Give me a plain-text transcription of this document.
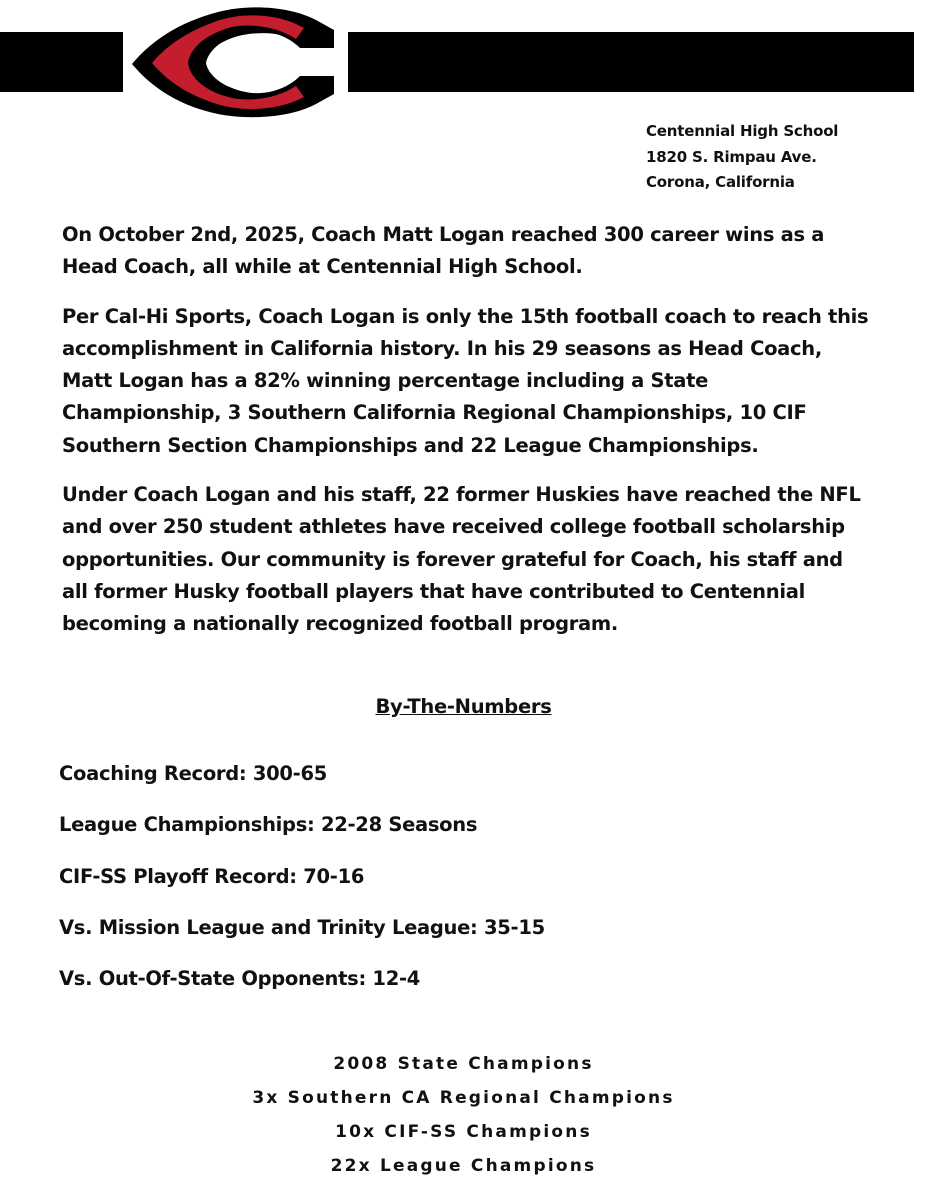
Centennial High School
1820 S. Rimpau Ave.
Corona, California

On October 2nd, 2025, Coach Matt Logan reached 300 career wins as a Head Coach, all while at Centennial High School.

Per Cal-Hi Sports, Coach Logan is only the 15th football coach to reach this accomplishment in California history. In his 29 seasons as Head Coach, Matt Logan has a 82% winning percentage including a State Championship, 3 Southern California Regional Championships, 10 CIF Southern Section Championships and 22 League Championships.

Under Coach Logan and his staff, 22 former Huskies have reached the NFL and over 250 student athletes have received college football scholarship opportunities. Our community is forever grateful for Coach, his staff and all former Husky football players that have contributed to Centennial becoming a nationally recognized football program.

By-The-Numbers
Coaching Record: 300-65
League Championships: 22-28 Seasons
CIF-SS Playoff Record: 70-16
Vs. Mission League and Trinity League: 35-15
Vs. Out-Of-State Opponents: 12-4
2008 State Champions
3x Southern CA Regional Champions
10x CIF-SS Champions
22x League Champions
